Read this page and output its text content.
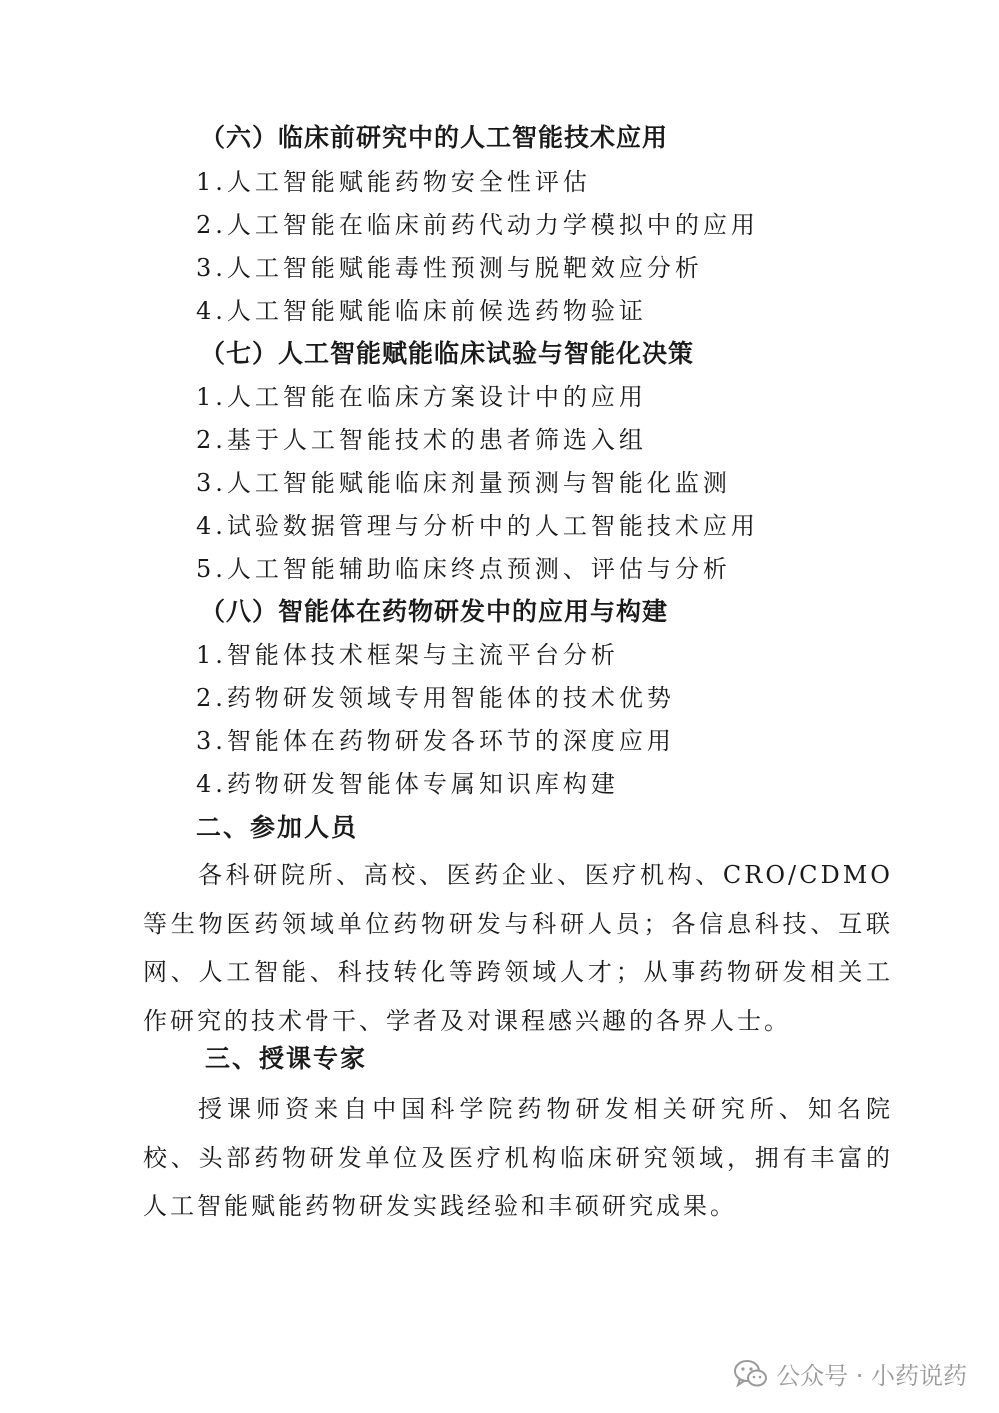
（六）临床前研究中的人工智能技术应用
1.人工智能赋能药物安全性评估
2.人工智能在临床前药代动力学模拟中的应用
3.人工智能赋能毒性预测与脱靶效应分析
4.人工智能赋能临床前候选药物验证
（七）人工智能赋能临床试验与智能化决策
1.人工智能在临床方案设计中的应用
2.基于人工智能技术的患者筛选入组
3.人工智能赋能临床剂量预测与智能化监测
4.试验数据管理与分析中的人工智能技术应用
5.人工智能辅助临床终点预测、评估与分析
（八）智能体在药物研发中的应用与构建
1.智能体技术框架与主流平台分析
2.药物研发领域专用智能体的技术优势
3.智能体在药物研发各环节的深度应用
4.药物研发智能体专属知识库构建
二、参加人员

各科研院所、高校、医药企业、医疗机构、CRO/CDMO等生物医药领域单位药物研发与科研人员；各信息科技、互联网、人工智能、科技转化等跨领域人才；从事药物研发相关工作研究的技术骨干、学者及对课程感兴趣的各界人士。

三、授课专家

授课师资来自中国科学院药物研发相关研究所、知名院校、头部药物研发单位及医疗机构临床研究领域，拥有丰富的人工智能赋能药物研发实践经验和丰硕研究成果。

公众号 · 小药说药
